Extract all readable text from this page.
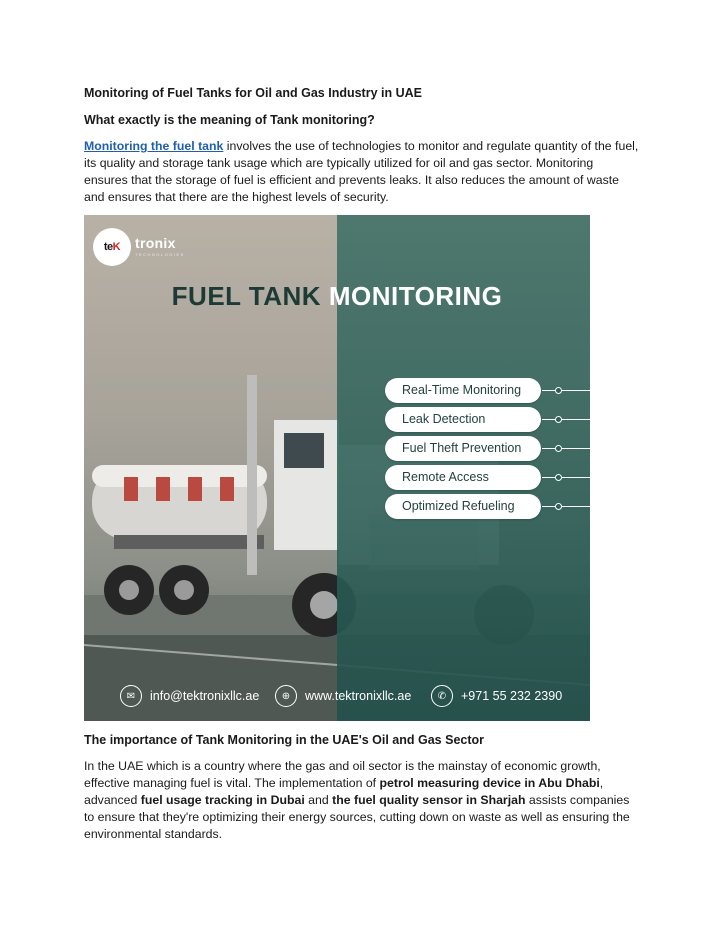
Monitoring of Fuel Tanks for Oil and Gas Industry in UAE
What exactly is the meaning of Tank monitoring?
Monitoring the fuel tank involves the use of technologies to monitor and regulate quantity of the fuel, its quality and storage tank usage which are typically utilized for oil and gas sector. Monitoring ensures that the storage of fuel is efficient and prevents leaks. It also reduces the amount of waste and ensures that there are the highest levels of security.
The importance of Tank Monitoring in the UAE's Oil and Gas Sector
In the UAE which is a country where the gas and oil sector is the mainstay of economic growth, effective managing fuel is vital. The implementation of petrol measuring device in Abu Dhabi, advanced fuel usage tracking in Dubai and the fuel quality sensor in Sharjah assists companies to ensure that they're optimizing their energy sources, cutting down on waste as well as ensuring the environmental standards.
te K tronix
TECHNOLOGIES
FUEL TANK MONITORING
Real-Time Monitoring
Leak Detection
Fuel Theft Prevention
Remote Access
Optimized Refueling
✉	info@tektronixllc.ae	⊕	www.tektronixllc.ae	✆	+971 55 232 2390
